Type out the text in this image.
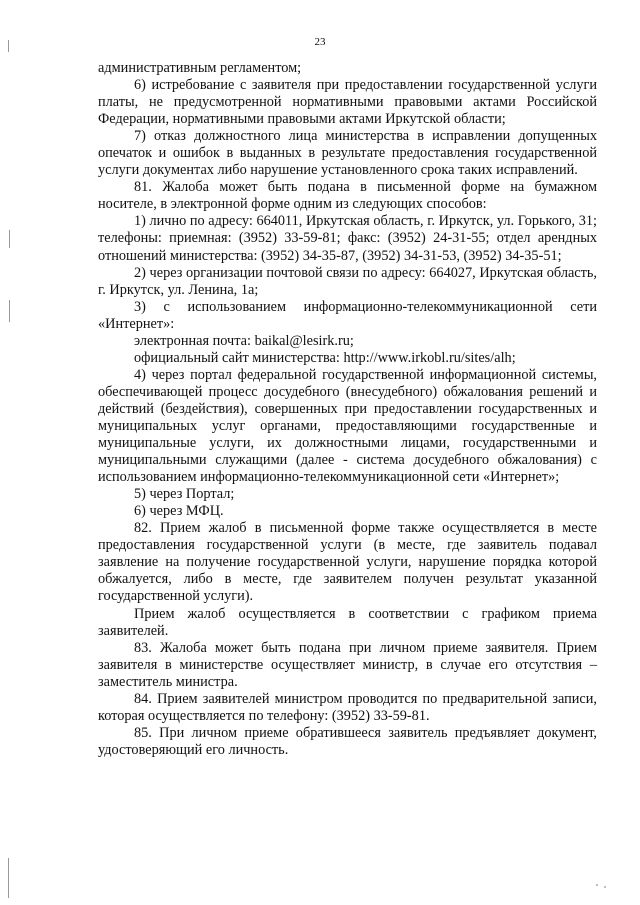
23

административным регламентом;

6) истребование с заявителя при предоставлении государственной услуги платы, не предусмотренной нормативными правовыми актами Российской Федерации, нормативными правовыми актами Иркутской области;

7) отказ должностного лица министерства в исправлении допущенных опечаток и ошибок в выданных в результате предоставления государственной услуги документах либо нарушение установленного срока таких исправлений.

81. Жалоба может быть подана в письменной форме на бумажном носителе, в электронной форме одним из следующих способов:

1) лично по адресу: 664011, Иркутская область, г. Иркутск, ул. Горького, 31; телефоны: приемная: (3952) 33-59-81; факс: (3952) 24-31-55; отдел арендных отношений министерства: (3952) 34-35-87, (3952) 34-31-53, (3952) 34-35-51;

2) через организации почтовой связи по адресу: 664027, Иркутская область, г. Иркутск, ул. Ленина, 1а;

3) с использованием информационно-телекоммуникационной сети «Интернет»:

электронная почта: baikal@lesirk.ru;

официальный сайт министерства: http://www.irkobl.ru/sites/alh;

4) через портал федеральной государственной информационной системы, обеспечивающей процесс досудебного (внесудебного) обжалования решений и действий (бездействия), совершенных при предоставлении государственных и муниципальных услуг органами, предоставляющими государственные и муниципальные услуги, их должностными лицами, государственными и муниципальными служащими (далее - система досудебного обжалования) с использованием информационно-телекоммуникационной сети «Интернет»;

5) через Портал;

6) через МФЦ.

82. Прием жалоб в письменной форме также осуществляется в месте предоставления государственной услуги (в месте, где заявитель подавал заявление на получение государственной услуги, нарушение порядка которой обжалуется, либо в месте, где заявителем получен результат указанной государственной услуги).

Прием жалоб осуществляется в соответствии с графиком приема заявителей.

83. Жалоба может быть подана при личном приеме заявителя. Прием заявителя в министерстве осуществляет министр, в случае его отсутствия – заместитель министра.

84. Прием заявителей министром проводится по предварительной записи, которая осуществляется по телефону: (3952) 33-59-81.

85. При личном приеме обратившееся заявитель предъявляет документ, удостоверяющий его личность.
